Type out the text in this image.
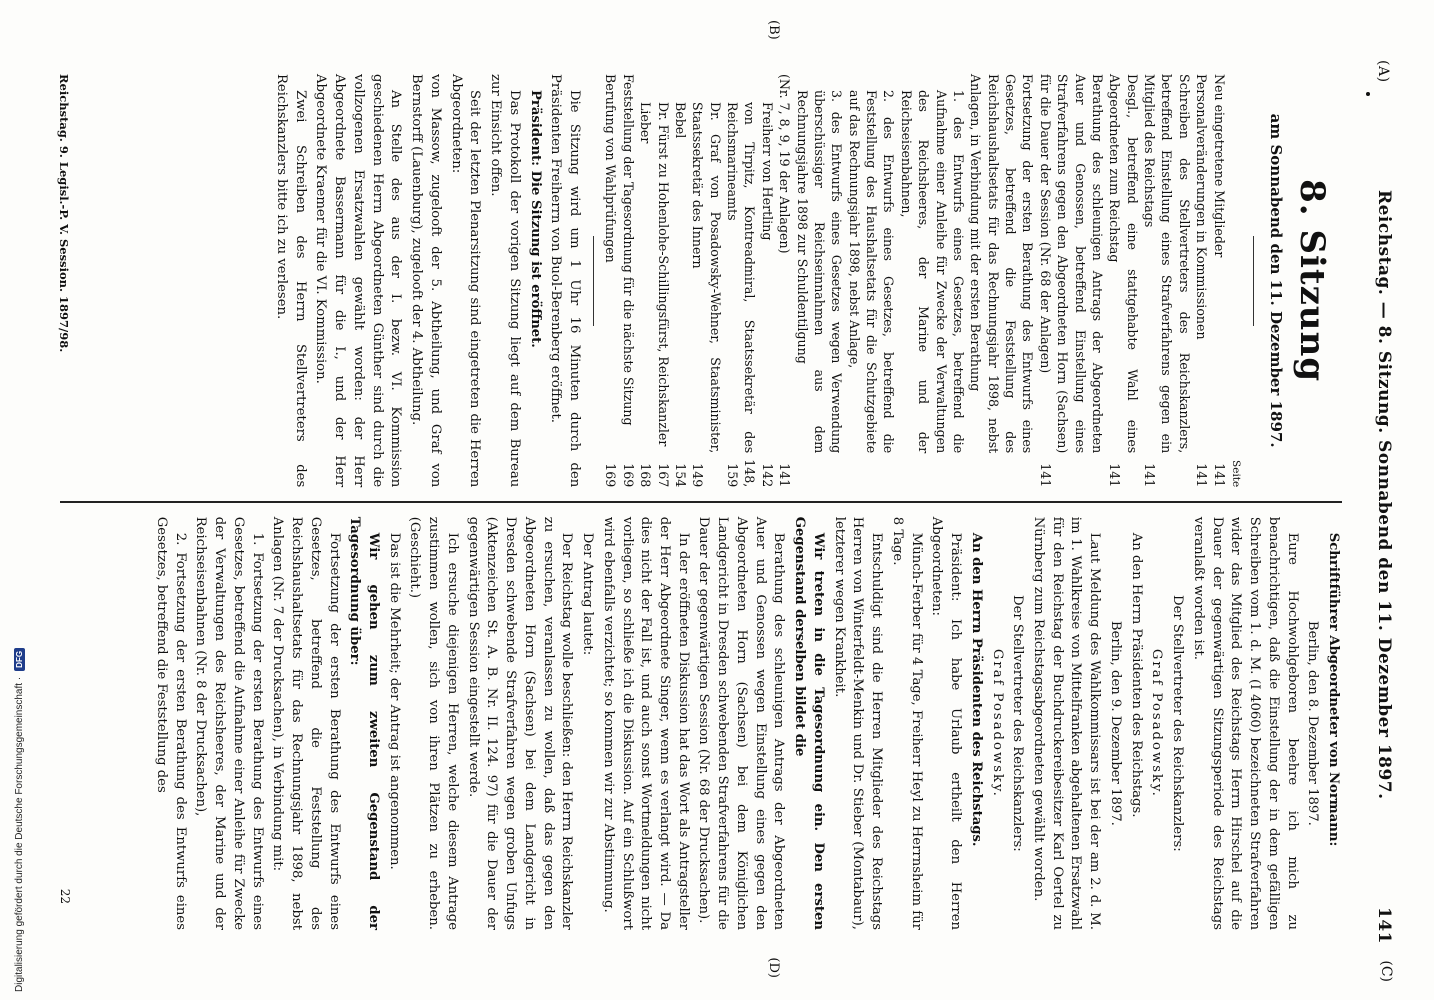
(A)
Reichstag. — 8. Sitzung. Sonnabend den 11. Dezember 1897.
141
8. Sitzung
am Sonnabend den 11. Dezember 1897.
Seite
Neu eingetretene Mitglieder
141
Personalveränderungen in Kommissionen
141
Schreiben des Stellvertreters des Reichskanzlers, betreffend Einstellung eines Strafverfahrens gegen ein Mitglied des Reichstags
141
Desgl., betreffend eine stattgehabte Wahl eines Abgeordneten zum Reichstag
141
Berathung des schleunigen Antrags der Abgeordneten Auer und Genossen, betreffend Einstellung eines Strafverfahrens gegen den Abgeordneten Horn (Sachsen) für die Dauer der Session (Nr. 68 der Anlagen)
141
Fortsetzung der ersten Berathung des Entwurfs eines Gesetzes, betreffend die Feststellung des Reichshaushaltsetats für das Rechnungsjahr 1898, nebst Anlagen, in Verbindung mit der ersten Berathung
1. des Entwurfs eines Gesetzes, betreffend die Aufnahme einer Anleihe für Zwecke der Verwaltungen des Reichsheeres, der Marine und der Reichseisenbahnen,
2. des Entwurfs eines Gesetzes, betreffend die Feststellung des Haushaltsetats für die Schutzgebiete auf das Rechnungsjahr 1898, nebst Anlage,
3. des Entwurfs eines Gesetzes wegen Verwendung überschüssiger Reichseinnahmen aus dem Rechnungsjahre 1898 zur Schuldentilgung
(Nr. 7, 8, 9, 19 der Anlagen)
141
Freiherr von Hertling
142
von Tirpitz, Kontreadmiral, Staatssekretär des Reichsmarineamts
148, 159
Dr. Graf von Posadowsky-Wehner, Staatsminister, Staatssekretär des Innern
149
Bebel
154
Dr. Fürst zu Hohenlohe-Schillingsfürst, Reichskanzler
167
Lieber
168
Feststellung der Tagesordnung für die nächste Sitzung
169
Berufung von Wahlprüfungen
169

Die Sitzung wird um 1 Uhr 16 Minuten durch den Präsidenten Freiherrn von Buol-Berenberg eröffnet.

Präsident: Die Sitzung ist eröffnet.

Das Protokoll der vorigen Sitzung liegt auf dem Bureau zur Einsicht offen.

Seit der letzten Plenarsitzung sind eingetreten die Herren Abgeordneten:

von Massow, zugelooft der 5. Abtheilung, und Graf von Bernstorff (Lauenburg), zugelooft der 4. Abtheilung.

An Stelle des aus der I. bezw. VI. Kommission geschiedenen Herrn Abgeordneten Günther sind durch die vollzogenen Ersatzwahlen gewählt worden: der Herr Abgeordnete Bassermann für die I., und der Herr Abgeordnete Kraemer für die VI. Kommission.

Zwei Schreiben des Herrn Stellvertreters des Reichskanzlers bitte ich zu verlesen.

Reichstag. 9. Legisl.-P. V. Session. 1897/98.
(B)

Schriftführer Abgeordneter von Normann:

Berlin, den 8. Dezember 1897.

Eure Hochwohlgeboren beehre ich mich zu benachrichtigen, daß die Einstellung der in dem gefälligen Schreiben vom 1. d. M. (I 4060) bezeichneten Strafverfahren wider das Mitglied des Reichstags Herrn Hirschel auf die Dauer der gegenwärtigen Sitzungsperiode des Reichstags veranlaßt worden ist.

Der Stellvertreter des Reichskanzlers:

Graf Posadowsky.

An den Herrn Präsidenten des Reichstags.

Berlin, den 9. Dezember 1897.

Laut Meldung des Wahlkommissars ist bei der am 2. d. M. im 1. Wahlkreise von Mittelfranken abgehaltenen Ersatzwahl für den Reichstag der Buchdruckereibesitzer Karl Oertel zu Nürnberg zum Reichstagsabgeordneten gewählt worden.

Der Stellvertreter des Reichskanzlers:

Graf Posadowsky.

An den Herrn Präsidenten des Reichstags.

Präsident: Ich habe Urlaub ertheilt den Herren Abgeordneten:

Münch-Ferber für 4 Tage, Freiherr Heyl zu Herrnsheim für 8 Tage.

Entschuldigt sind die Herren Mitglieder des Reichstags Herren von Winterfeldt-Menkin und Dr. Stieber (Montabaur), letzterer wegen Krankheit.

Wir treten in die Tagesordnung ein. Den ersten Gegenstand derselben bildet die

Berathung des schleunigen Antrags der Abgeordneten Auer und Genossen wegen Einstellung eines gegen den Abgeordneten Horn (Sachsen) bei dem Königlichen Landgericht in Dresden schwebenden Strafverfahrens für die Dauer der gegenwärtigen Session (Nr. 68 der Drucksachen).

In der eröffneten Diskussion hat das Wort als Antragsteller der Herr Abgeordnete Singer, wenn es verlangt wird. — Da dies nicht der Fall ist, und auch sonst Wortmeldungen nicht vorliegen, so schließe ich die Diskussion. Auf ein Schlußwort wird ebenfalls verzichtet; so kommen wir zur Abstimmung.

Der Antrag lautet:

Der Reichstag wolle beschließen: den Herrn Reichskanzler zu ersuchen, veranlassen zu wollen, daß das gegen den Abgeordneten Horn (Sachsen) bei dem Landgericht in Dresden schwebende Strafverfahren wegen groben Unfugs (Aktenzeichen St. A. B. Nr. II. 124. 97) für die Dauer der gegenwärtigen Session eingestellt werde.

Ich ersuche diejenigen Herren, welche diesem Antrage zustimmen wollen, sich von ihren Plätzen zu erheben. (Geschieht.)

Das ist die Mehrheit; der Antrag ist angenommen.

Wir gehen zum zweiten Gegenstand der Tagesordnung über:

Fortsetzung der ersten Berathung des Entwurfs eines Gesetzes, betreffend die Feststellung des Reichshaushaltsetats für das Rechnungsjahr 1898, nebst Anlagen (Nr. 7 der Drucksachen), in Verbindung mit:

1. Fortsetzung der ersten Berathung des Entwurfs eines Gesetzes, betreffend die Aufnahme einer Anleihe für Zwecke der Verwaltungen des Reichsheeres, der Marine und der Reichseisenbahnen (Nr. 8 der Drucksachen),

2. Fortsetzung der ersten Berathung des Entwurfs eines Gesetzes, betreffend die Feststellung des

(D)
22
(C)
Digitalisierung gefördert durch die Deutsche Forschungsgemeinschaft ·DFG
